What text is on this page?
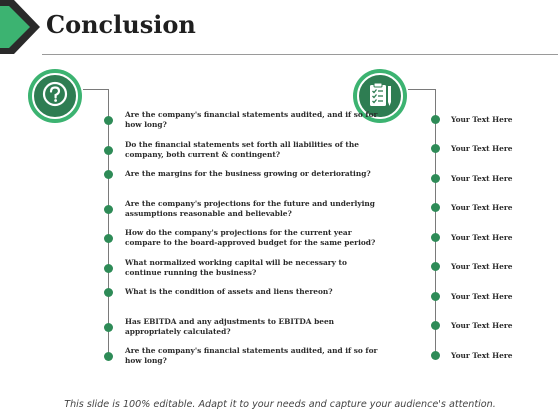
Conclusion
Are the company's financial statements audited, and if so for how long?
Do the financial statements set forth all liabilities of the company, both current & contingent?
Are the margins for the business growing or deteriorating?
Are the company's projections for the future and underlying assumptions reasonable and believable?
How do the company's projections for the current year compare to the board-approved budget for the same period?
What normalized working capital will be necessary to continue running the business?
What is the condition of assets and liens thereon?
Has EBITDA and any adjustments to EBITDA been appropriately calculated?
Are the company's financial statements audited, and if so for how long?
Your Text Here
Your Text Here
Your Text Here
Your Text Here
Your Text Here
Your Text Here
Your Text Here
Your Text Here
Your Text Here
This slide is 100% editable. Adapt it to your needs and capture your audience's attention.
